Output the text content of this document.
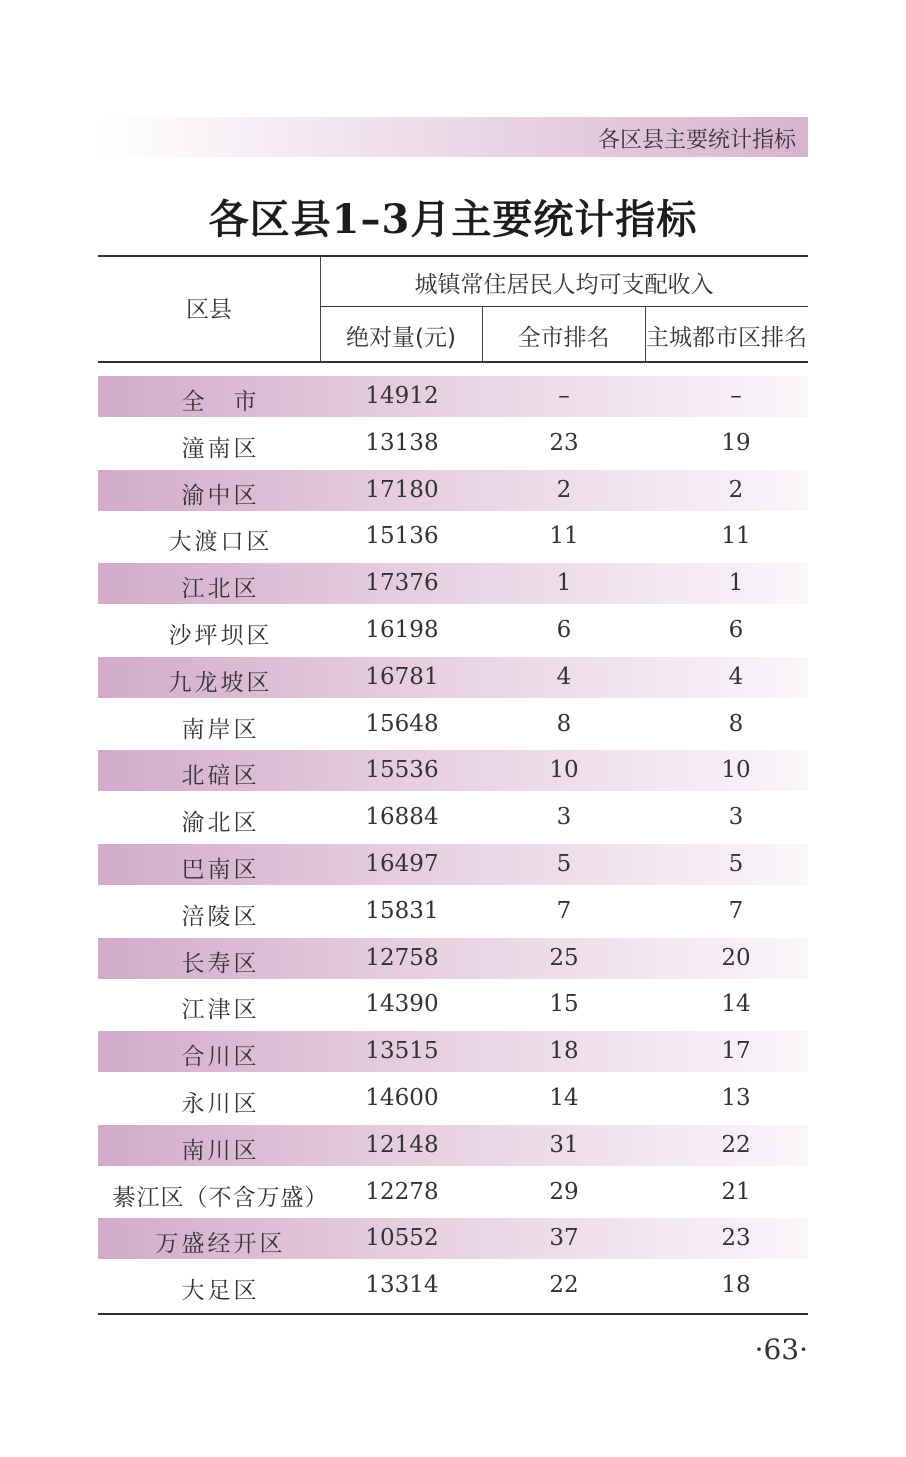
各区县主要统计指标
各区县1–3月主要统计指标
区县
城镇常住居民人均可支配收入
绝对量(元)	全市排名	主城都市区排名
全　市	14912	–	–
潼南区	13138	23	19
渝中区	17180	2	2
大渡口区	15136	11	11
江北区	17376	1	1
沙坪坝区	16198	6	6
九龙坡区	16781	4	4
南岸区	15648	8	8
北碚区	15536	10	10
渝北区	16884	3	3
巴南区	16497	5	5
涪陵区	15831	7	7
长寿区	12758	25	20
江津区	14390	15	14
合川区	13515	18	17
永川区	14600	14	13
南川区	12148	31	22
綦江区（不含万盛）	12278	29	21
万盛经开区	10552	37	23
大足区	13314	22	18
·63·
